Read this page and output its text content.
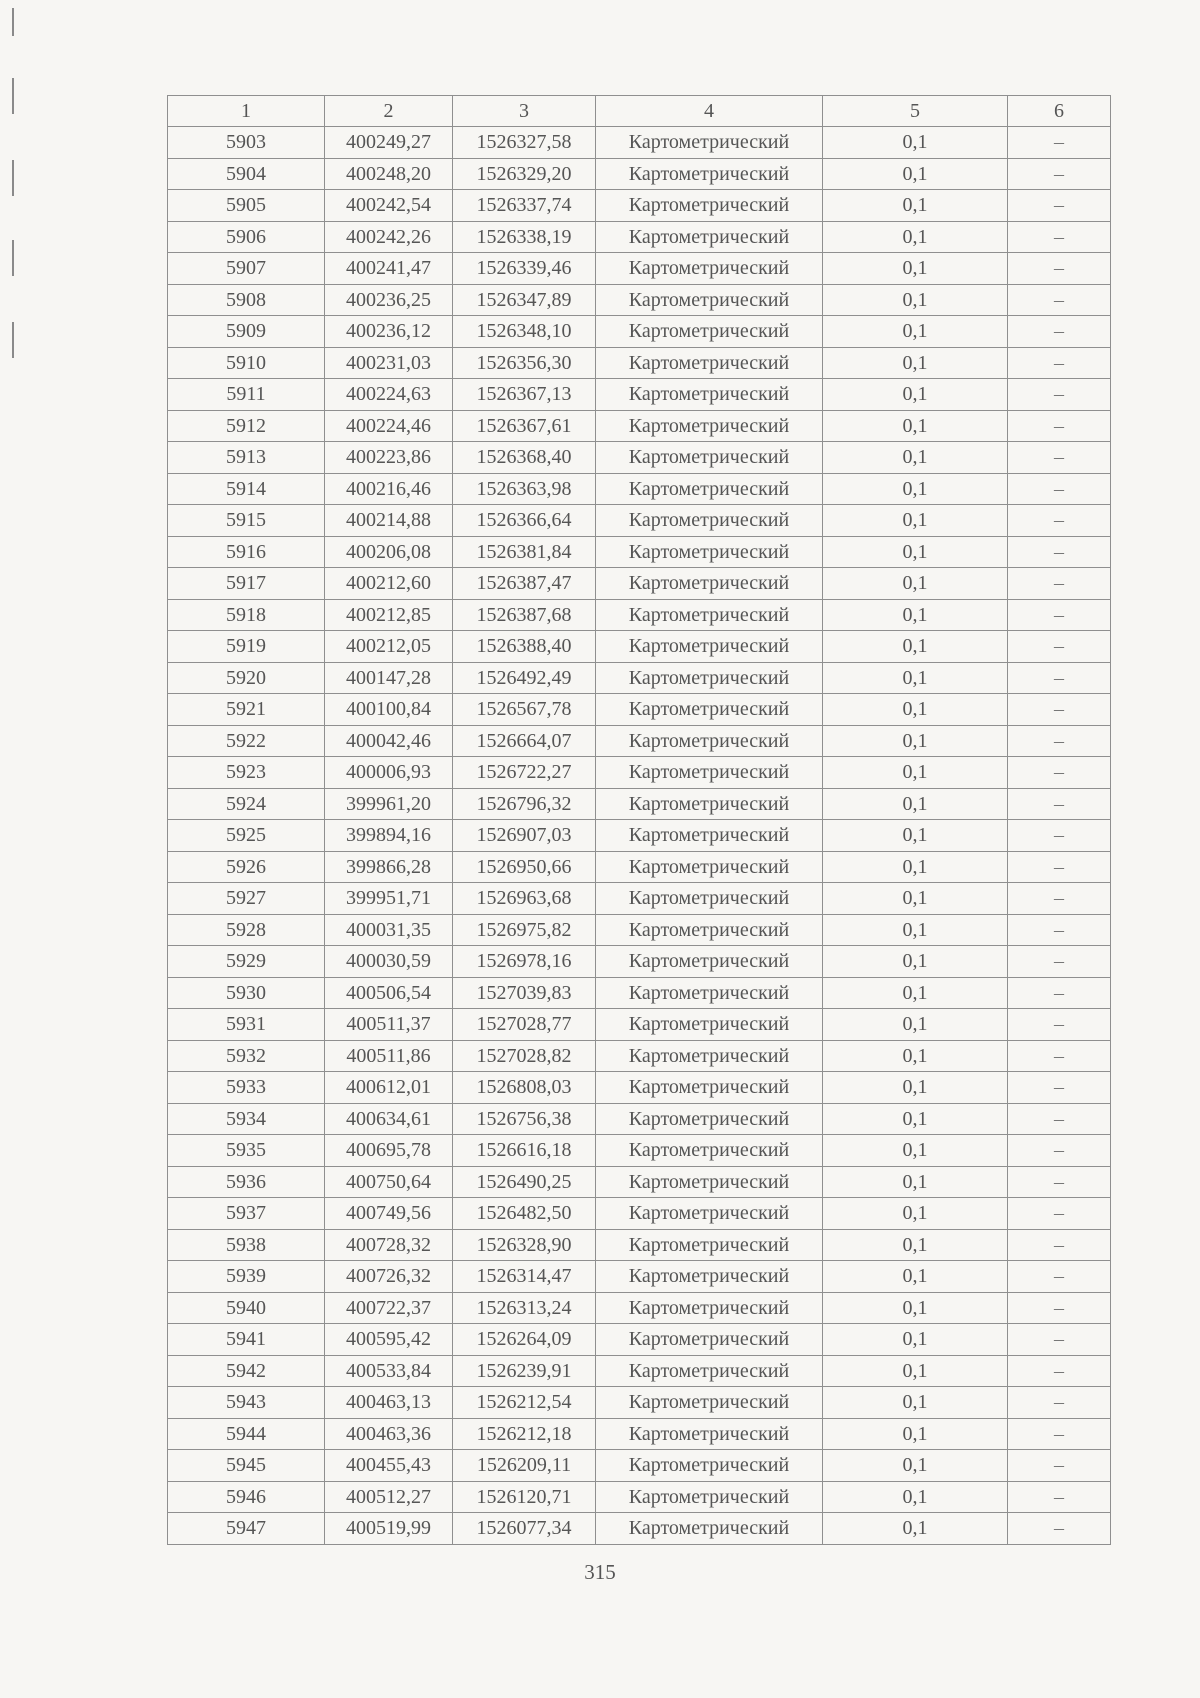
1	2	3	4	5	6
5903	400249,27	1526327,58	Картометрический	0,1	–
5904	400248,20	1526329,20	Картометрический	0,1	–
5905	400242,54	1526337,74	Картометрический	0,1	–
5906	400242,26	1526338,19	Картометрический	0,1	–
5907	400241,47	1526339,46	Картометрический	0,1	–
5908	400236,25	1526347,89	Картометрический	0,1	–
5909	400236,12	1526348,10	Картометрический	0,1	–
5910	400231,03	1526356,30	Картометрический	0,1	–
5911	400224,63	1526367,13	Картометрический	0,1	–
5912	400224,46	1526367,61	Картометрический	0,1	–
5913	400223,86	1526368,40	Картометрический	0,1	–
5914	400216,46	1526363,98	Картометрический	0,1	–
5915	400214,88	1526366,64	Картометрический	0,1	–
5916	400206,08	1526381,84	Картометрический	0,1	–
5917	400212,60	1526387,47	Картометрический	0,1	–
5918	400212,85	1526387,68	Картометрический	0,1	–
5919	400212,05	1526388,40	Картометрический	0,1	–
5920	400147,28	1526492,49	Картометрический	0,1	–
5921	400100,84	1526567,78	Картометрический	0,1	–
5922	400042,46	1526664,07	Картометрический	0,1	–
5923	400006,93	1526722,27	Картометрический	0,1	–
5924	399961,20	1526796,32	Картометрический	0,1	–
5925	399894,16	1526907,03	Картометрический	0,1	–
5926	399866,28	1526950,66	Картометрический	0,1	–
5927	399951,71	1526963,68	Картометрический	0,1	–
5928	400031,35	1526975,82	Картометрический	0,1	–
5929	400030,59	1526978,16	Картометрический	0,1	–
5930	400506,54	1527039,83	Картометрический	0,1	–
5931	400511,37	1527028,77	Картометрический	0,1	–
5932	400511,86	1527028,82	Картометрический	0,1	–
5933	400612,01	1526808,03	Картометрический	0,1	–
5934	400634,61	1526756,38	Картометрический	0,1	–
5935	400695,78	1526616,18	Картометрический	0,1	–
5936	400750,64	1526490,25	Картометрический	0,1	–
5937	400749,56	1526482,50	Картометрический	0,1	–
5938	400728,32	1526328,90	Картометрический	0,1	–
5939	400726,32	1526314,47	Картометрический	0,1	–
5940	400722,37	1526313,24	Картометрический	0,1	–
5941	400595,42	1526264,09	Картометрический	0,1	–
5942	400533,84	1526239,91	Картометрический	0,1	–
5943	400463,13	1526212,54	Картометрический	0,1	–
5944	400463,36	1526212,18	Картометрический	0,1	–
5945	400455,43	1526209,11	Картометрический	0,1	–
5946	400512,27	1526120,71	Картометрический	0,1	–
5947	400519,99	1526077,34	Картометрический	0,1	–
315
